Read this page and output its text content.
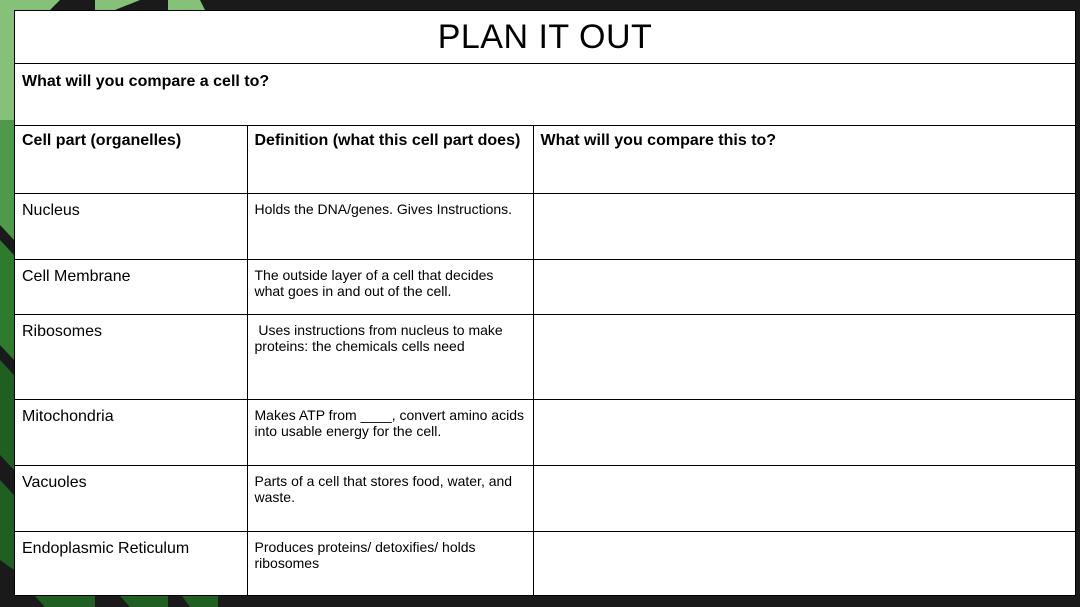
PLAN IT OUT
What will you compare a cell to?
Cell part (organelles)	Definition (what this cell part does)	What will you compare this to?
Nucleus	Holds the DNA/genes. Gives Instructions.	
Cell Membrane	The outside layer of a cell that decides what goes in and out of the cell.	
Ribosomes	Uses instructions from nucleus to make proteins: the chemicals cells need	
Mitochondria	Makes ATP from ____, convert amino acids into usable energy for the cell.	
Vacuoles	Parts of a cell that stores food, water, and waste.	
Endoplasmic Reticulum	Produces proteins/ detoxifies/ holds ribosomes	
